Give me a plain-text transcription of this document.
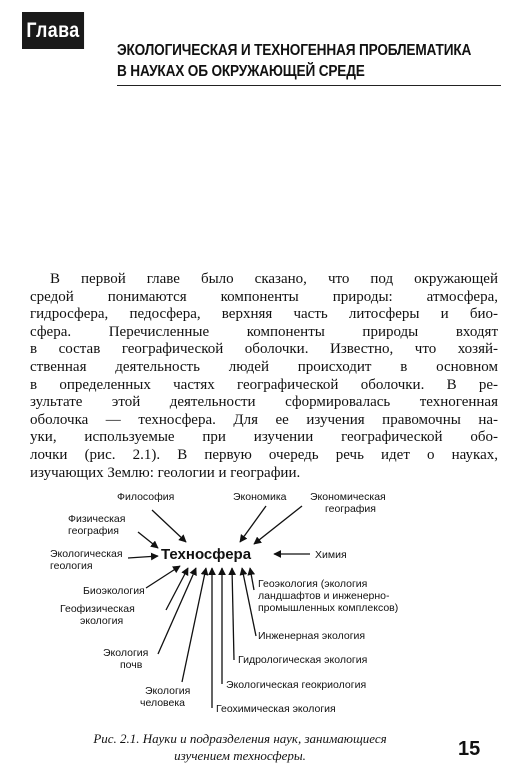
Глава 2
ЭКОЛОГИЧЕСКАЯ И ТЕХНОГЕННАЯ ПРОБЛЕМАТИКА
В НАУКАХ ОБ ОКРУЖАЮЩЕЙ СРЕДЕ
В первой главе было сказано, что под окружающей
средой понимаются компоненты природы: атмосфера,
гидросфера, педосфера, верхняя часть литосферы и био-
сфера. Перечисленные компоненты природы входят
в состав географической оболочки. Известно, что хозяй-
ственная деятельность людей происходит в основном
в определенных частях географической оболочки. В ре-
зультате этой деятельности сформировалась техногенная
оболочка — техносфера. Для ее изучения правомочны на-
уки, используемые при изучении географической обо-
лочки (рис. 2.1). В первую очередь речь идет о науках,
изучающих Землю: геологии и географии.
Философия	Экономика Экономическая
география
Физическая
география
Экологическая
геология
Техносфера	Химия
Биоэкология
Геофизическая
экология
Экология
почв
Экология
человека
Геоэкология (экология
ландшафтов и инженерно-
промышленных комплексов)
Инженерная экология
Гидрологическая экология
Экологическая геокриология
Геохимическая экология
Рис. 2.1. Науки и подразделения наук, занимающиеся
изучением техносферы.	15
